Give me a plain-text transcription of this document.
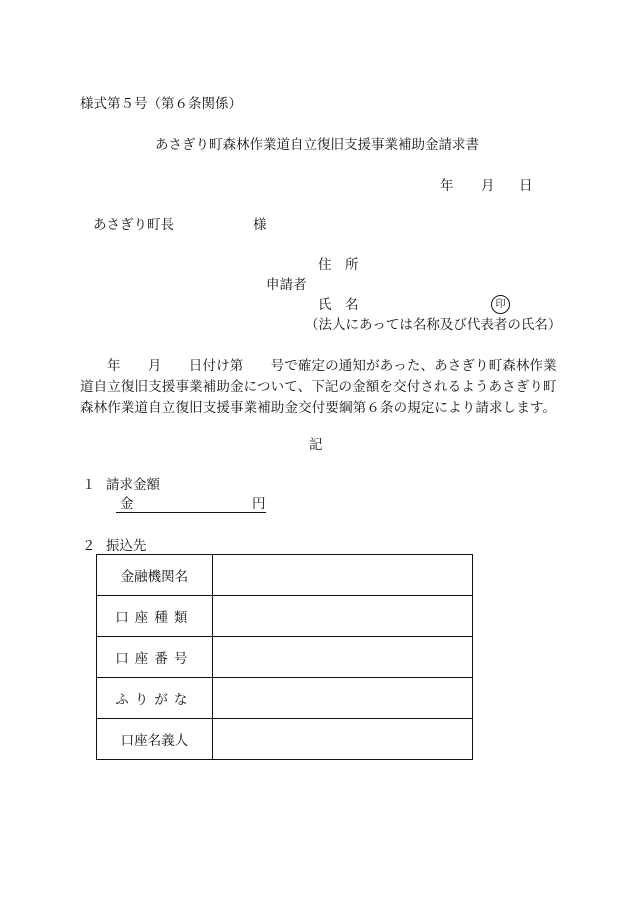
様式第５号（第６条関係）
あさぎり町森林作業道自立復旧支援事業補助金請求書
年 月 日
あさぎり町長	様
住　所
申請者
氏　名	印
（法人にあっては名称及び代表者の氏名）
年　　月　　日付け第　　号で確定の通知があった、あさぎり町森林作業道自立復旧支援事業補助金について、下記の金額を交付されるようあさぎり町森林作業道自立復旧支援事業補助金交付要綱第６条の規定により請求します。
記
１ 請求金額
金	円
２ 振込先
金融機関名	
口座種類	
口座番号	
ふりがな	
口座名義人	
